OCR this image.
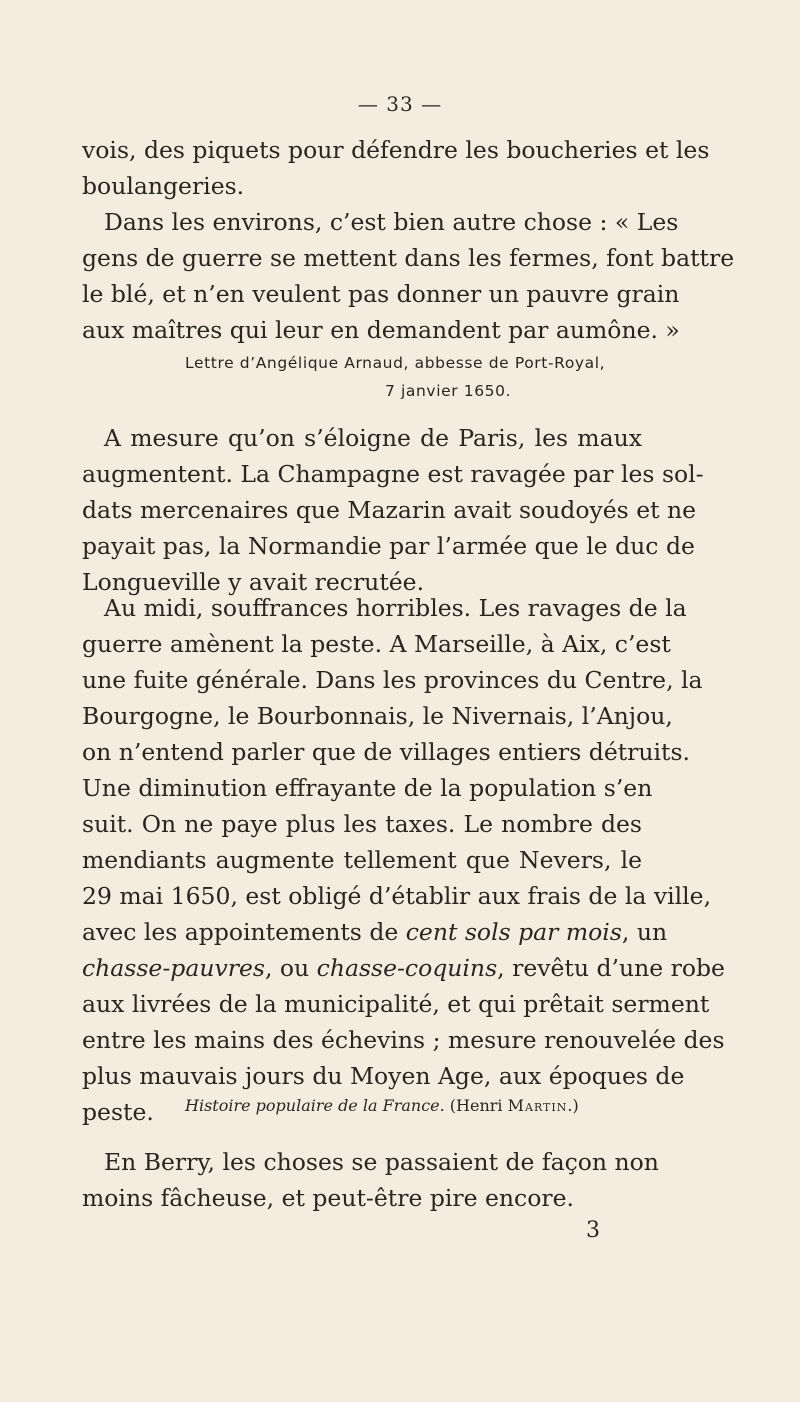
— 33 —
vois, des piquets pour défendre les boucheries et les
boulangeries.
Dans les environs, c’est bien autre chose : « Les
gens de guerre se mettent dans les fermes, font battre
le blé, et n’en veulent pas donner un pauvre grain
aux maîtres qui leur en demandent par aumône. »
Lettre d’Angélique Arnaud, abbesse de Port-Royal,
7 janvier 1650.
A mesure qu’on s’éloigne de Paris, les maux
augmentent. La Champagne est ravagée par les sol-
dats mercenaires que Mazarin avait soudoyés et ne
payait pas, la Normandie par l’armée que le duc de
Longueville y avait recrutée.
Au midi, souffrances horribles. Les ravages de la
guerre amènent la peste. A Marseille, à Aix, c’est
une fuite générale. Dans les provinces du Centre, la
Bourgogne, le Bourbonnais, le Nivernais, l’Anjou,
on n’entend parler que de villages entiers détruits.
Une diminution effrayante de la population s’en
suit. On ne paye plus les taxes. Le nombre des
mendiants augmente tellement que Nevers, le
29 mai 1650, est obligé d’établir aux frais de la ville,
avec les appointements de cent sols par mois, un
chasse-pauvres, ou chasse-coquins, revêtu d’une robe
aux livrées de la municipalité, et qui prêtait serment
entre les mains des échevins ; mesure renouvelée des
plus mauvais jours du Moyen Age, aux époques de
peste.	Histoire populaire de la France. (Henri Martin.)
En Berry, les choses se passaient de façon non
moins fâcheuse, et peut-être pire encore.
3
